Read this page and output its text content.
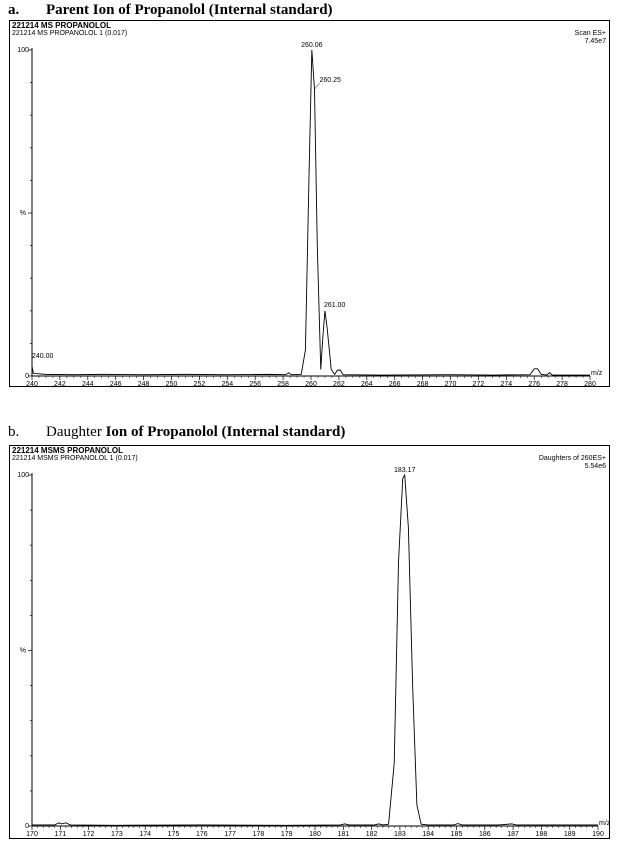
a. Parent Ion of Propanolol (Internal standard)
221214 MS PROPANOLOL
221214 MS PROPANOLOL 1 (0.017)	Scan ES+
7.45e7
100
0
%
240 242 244 246 248 250 252 254 256 258 260 262 264 266 268 270 272 274 276 278 280
m/z
260.06
260.25
261.00
240.00
b. Daughter Ion of Propanolol (Internal standard)
221214 MSMS PROPANOLOL
221214 MSMS PROPANOLOL 1 (0.017)	Daughters of 260ES+
5.54e6
100
0
%
170 171 172 173 174 175 176 177 178 179 180 181 182 183 184 185 186 187 188 189 190
m/z
183.17
